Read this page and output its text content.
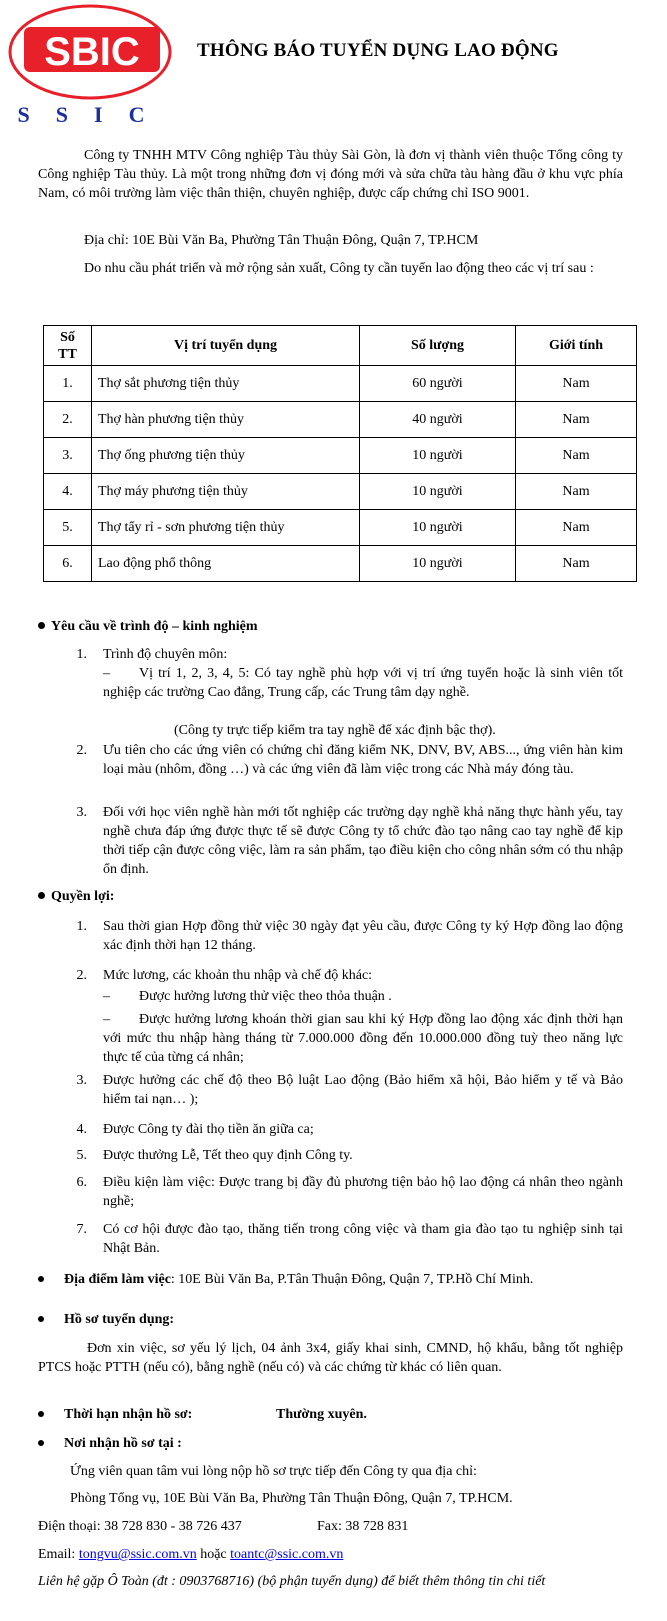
SBIC
SSIC
THÔNG BÁO TUYỂN DỤNG LAO ĐỘNG
Công ty TNHH MTV Công nghiệp Tàu thủy Sài Gòn, là đơn vị thành viên thuộc Tổng công ty Công nghiệp Tàu thủy. Là một trong những đơn vị đóng mới và sửa chữa tàu hàng đầu ở khu vực phía Nam, có môi trường làm việc thân thiện, chuyên nghiệp, được cấp chứng chỉ ISO 9001.
Địa chỉ: 10E Bùi Văn Ba, Phường Tân Thuận Đông, Quận 7, TP.HCM
Do nhu cầu phát triển và mở rộng sản xuất, Công ty cần tuyển lao động theo các vị trí sau :
Số TT	Vị trí tuyển dụng	Số lượng	Giới tính
1.	Thợ sắt phương tiện thủy	60 người	Nam
2.	Thợ hàn phương tiện thủy	40 người	Nam
3.	Thợ ống phương tiện thủy	10 người	Nam
4.	Thợ máy phương tiện thủy	10 người	Nam
5.	Thợ tẩy rỉ - sơn phương tiện thủy	10 người	Nam
6.	Lao động phổ thông	10 người	Nam
Yêu cầu về trình độ – kinh nghiệm
1. Trình độ chuyên môn:
–	Vị trí 1, 2, 3, 4, 5: Có tay nghề phù hợp với vị trí ứng tuyển hoặc là sinh viên tốt nghiệp các trường Cao đẳng, Trung cấp, các Trung tâm dạy nghề.
(Công ty trực tiếp kiểm tra tay nghề để xác định bậc thợ).
2. Ưu tiên cho các ứng viên có chứng chỉ đăng kiểm NK, DNV, BV, ABS..., ứng viên hàn kim loại màu (nhôm, đồng …) và các ứng viên đã làm việc trong các Nhà máy đóng tàu.
3. Đối với học viên nghề hàn mới tốt nghiệp các trường dạy nghề khả năng thực hành yếu, tay nghề chưa đáp ứng được thực tế sẽ được Công ty tổ chức đào tạo nâng cao tay nghề để kịp thời tiếp cận được công việc, làm ra sản phẩm, tạo điều kiện cho công nhân sớm có thu nhập ổn định.
Quyền lợi:
1. Sau thời gian Hợp đồng thử việc 30 ngày đạt yêu cầu, được Công ty ký Hợp đồng lao động xác định thời hạn 12 tháng.
2. Mức lương, các khoản thu nhập và chế độ khác:
–	Được hưởng lương thử việc theo thỏa thuận .
–	Được hưởng lương khoán thời gian sau khi ký Hợp đồng lao động xác định thời hạn với mức thu nhập hàng tháng từ 7.000.000 đồng đến 10.000.000 đồng tuỳ theo năng lực thực tế của từng cá nhân;
3. Được hưởng các chế độ theo Bộ luật Lao động (Bảo hiểm xã hội, Bảo hiểm y tế và Bảo hiểm tai nạn… );
4. Được Công ty đài thọ tiền ăn giữa ca;
5. Được thưởng Lễ, Tết theo quy định Công ty.
6. Điều kiện làm việc: Được trang bị đầy đủ phương tiện bảo hộ lao động cá nhân theo ngành nghề;
7. Có cơ hội được đào tạo, thăng tiến trong công việc và tham gia đào tạo tu nghiệp sinh tại Nhật Bản.
Địa điểm làm việc: 10E Bùi Văn Ba, P.Tân Thuận Đông, Quận 7, TP.Hồ Chí Minh.
Hồ sơ tuyển dụng:
Đơn xin việc, sơ yếu lý lịch, 04 ảnh 3x4, giấy khai sinh, CMND, hộ khẩu, bằng tốt nghiệp PTCS hoặc PTTH (nếu có), bằng nghề (nếu có) và các chứng từ khác có liên quan.
Thời hạn nhận hồ sơ:	Thường xuyên.
Nơi nhận hồ sơ tại :
Ứng viên quan tâm vui lòng nộp hồ sơ trực tiếp đến Công ty qua địa chỉ:
Phòng Tổng vụ, 10E Bùi Văn Ba, Phường Tân Thuận Đông, Quận 7, TP.HCM.
Điện thoại: 38 728 830 - 38 726 437	Fax: 38 728 831
Email: tongvu@ssic.com.vn hoặc toantc@ssic.com.vn
Liên hệ gặp Ô Toàn (đt : 0903768716) (bộ phận tuyển dụng) để biết thêm thông tin chi tiết
